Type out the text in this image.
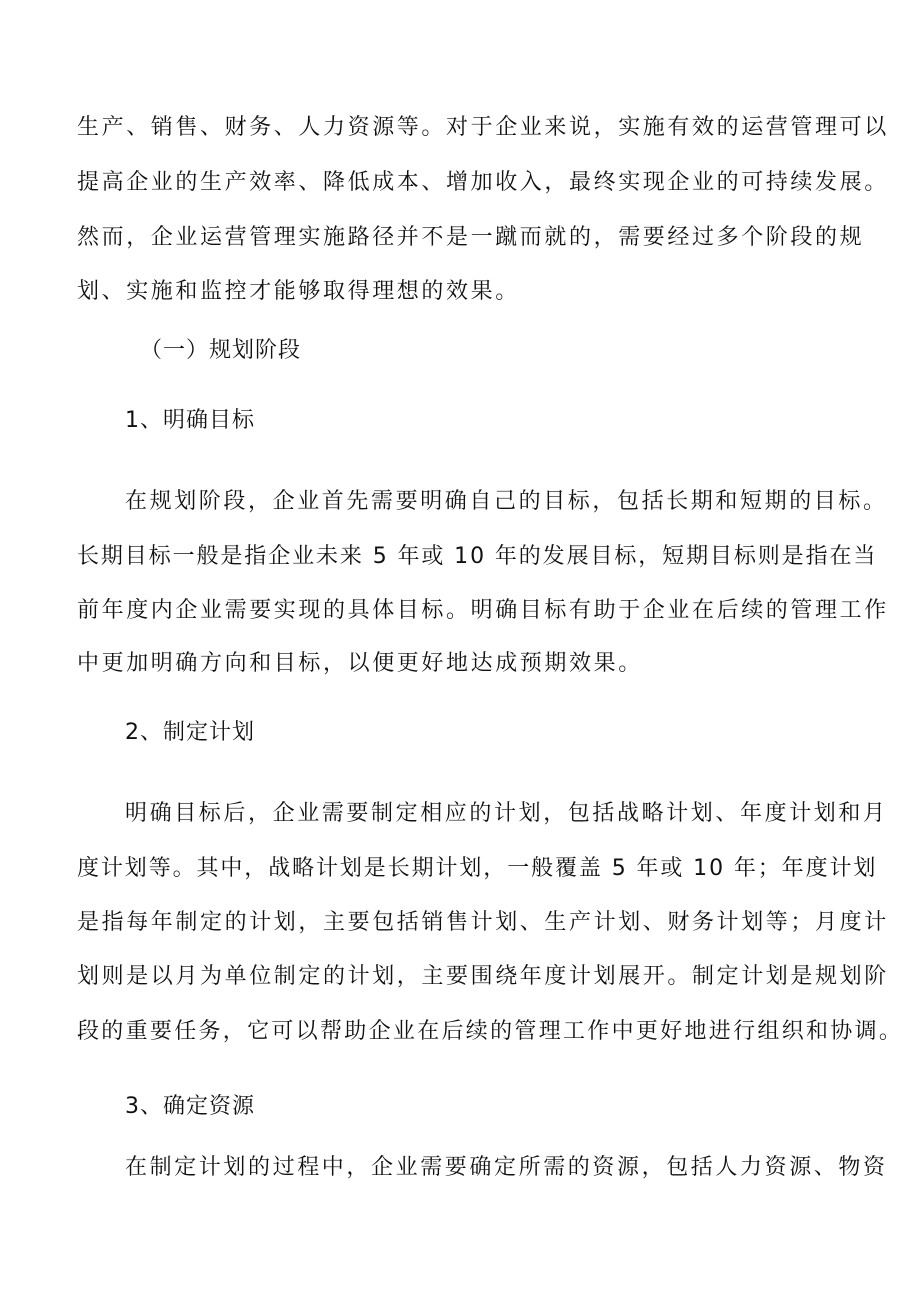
生产、销售、财务、人力资源等。对于企业来说，实施有效的运营管理可以
提高企业的生产效率、降低成本、增加收入，最终实现企业的可持续发展。
然而，企业运营管理实施路径并不是一蹴而就的，需要经过多个阶段的规
划、实施和监控才能够取得理想的效果。
（一）规划阶段
1、明确目标
在规划阶段，企业首先需要明确自己的目标，包括长期和短期的目标。
长期目标一般是指企业未来 5 年或 10 年的发展目标，短期目标则是指在当
前年度内企业需要实现的具体目标。明确目标有助于企业在后续的管理工作
中更加明确方向和目标，以便更好地达成预期效果。
2、制定计划
明确目标后，企业需要制定相应的计划，包括战略计划、年度计划和月
度计划等。其中，战略计划是长期计划，一般覆盖 5 年或 10 年；年度计划
是指每年制定的计划，主要包括销售计划、生产计划、财务计划等；月度计
划则是以月为单位制定的计划，主要围绕年度计划展开。制定计划是规划阶
段的重要任务，它可以帮助企业在后续的管理工作中更好地进行组织和协调。
3、确定资源
在制定计划的过程中，企业需要确定所需的资源，包括人力资源、物资
